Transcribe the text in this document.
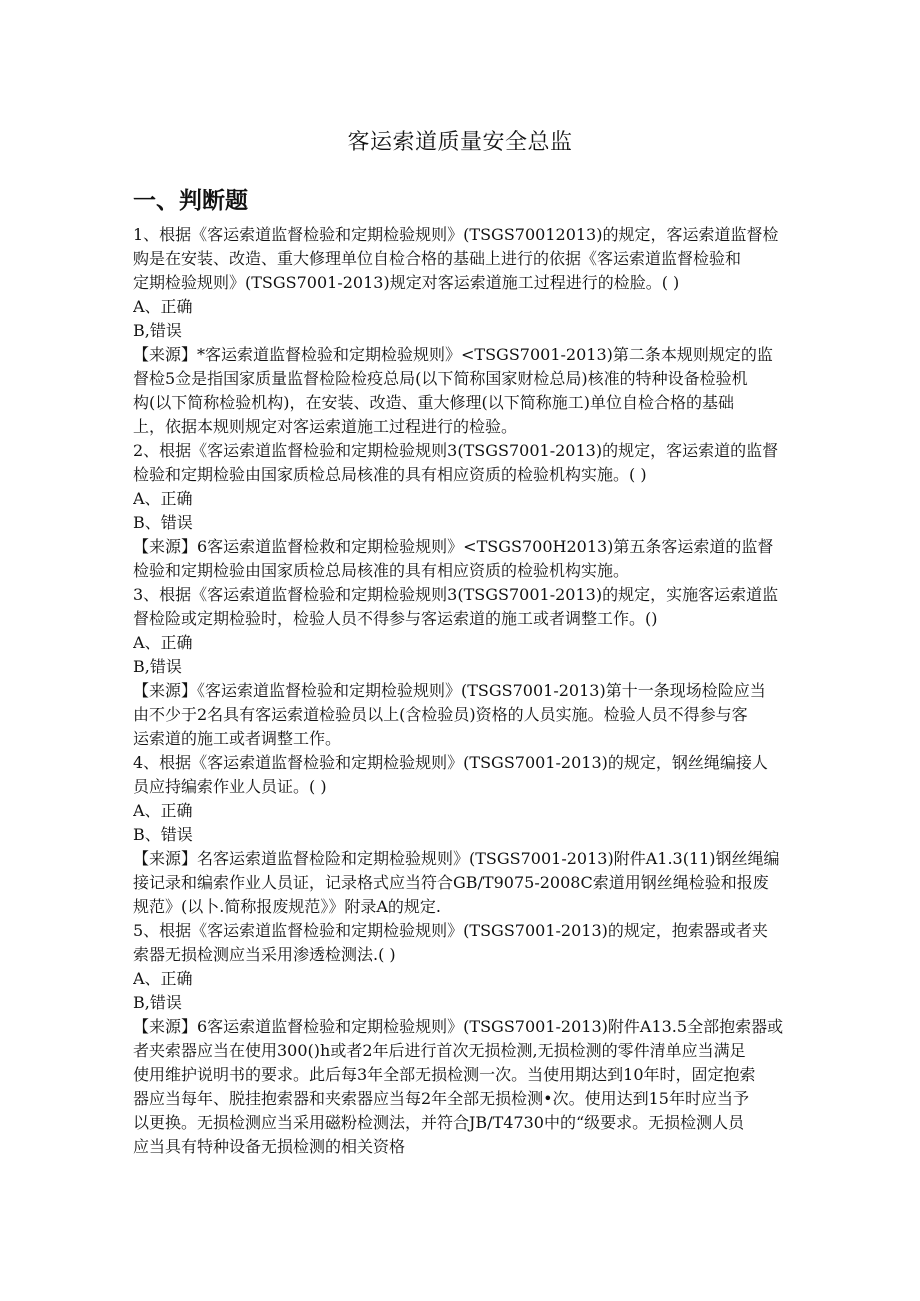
客运索道质量安全总监
一、判断题
1、根据《客运索道监督检验和定期检验规则》(TSGS70012013)的规定，客运索道监督检
购是在安装、改造、重大修理单位自检合格的基础上进行的依据《客运索道监督检验和
定期检验规则》(TSGS7001-2013)规定对客运索道施工过程进行的检脸。( )
A、正确
B,错误
【来源】*客运索道监督检验和定期检验规则》<TSGS7001-2013)第二条本规则规定的监
督检5佥是指国家质量监督检险检疫总局(以下简称国家财检总局)核准的特种设备检验机
构(以下简称检验机构)，在安装、改造、重大修理(以下简称施工)单位自检合格的基础
上，依据本规则规定对客运索道施工过程进行的检验。
2、根据《客运索道监督检验和定期检验规则3(TSGS7001-2013)的规定，客运索道的监督
检验和定期检验由国家质检总局核准的具有相应资质的检验机构实施。( )
A、正确
B、错误
【来源】6客运索道监督检救和定期检验规则》<TSGS700H2013)第五条客运索道的监督
检验和定期检验由国家质检总局核准的具有相应资质的检验机构实施。
3、根据《客运索道监督检验和定期检验规则3(TSGS7001-2013)的规定，实施客运索道监
督检险或定期检验时，检验人员不得参与客运索道的施工或者调整工作。()
A、正确
B,错误
【来源】《客运索道监督检验和定期检验规则》(TSGS7001-2013)第十一条现场检险应当
由不少于2名具有客运索道检验员以上(含检验员)资格的人员实施。检验人员不得参与客
运索道的施工或者调整工作。
4、根据《客运索道监督检验和定期检验规则》(TSGS7001-2013)的规定，钢丝绳编接人
员应持编索作业人员证。( )
A、正确
B、错误
【来源】名客运索道监督检险和定期检验规则》(TSGS7001-2013)附件A1.3(11)钢丝绳编
接记录和编索作业人员证，记录格式应当符合GB/T9075-2008C索道用钢丝绳检验和报废
规范》(以卜.简称报废规范》》附录A的规定.
5、根据《客运索道监督检验和定期检验规则》(TSGS7001-2013)的规定，抱索器或者夹
索器无损检测应当采用渗透检测法.( )
A、正确
B,错误
【来源】6客运索道监督检验和定期检验规则》(TSGS7001-2013)附件A13.5全部抱索器或
者夹索器应当在使用300()h或者2年后进行首次无损检测,无损检测的零件清单应当满足
使用维护说明书的要求。此后每3年全部无损检测一次。当使用期达到10年时，固定抱索
器应当每年、脱挂抱索器和夹索器应当每2年全部无损检测•次。使用达到15年时应当予
以更换。无损检测应当采用磁粉检测法，并符合JB/T4730中的“级要求。无损检测人员
应当具有特种设备无损检测的相关资格
